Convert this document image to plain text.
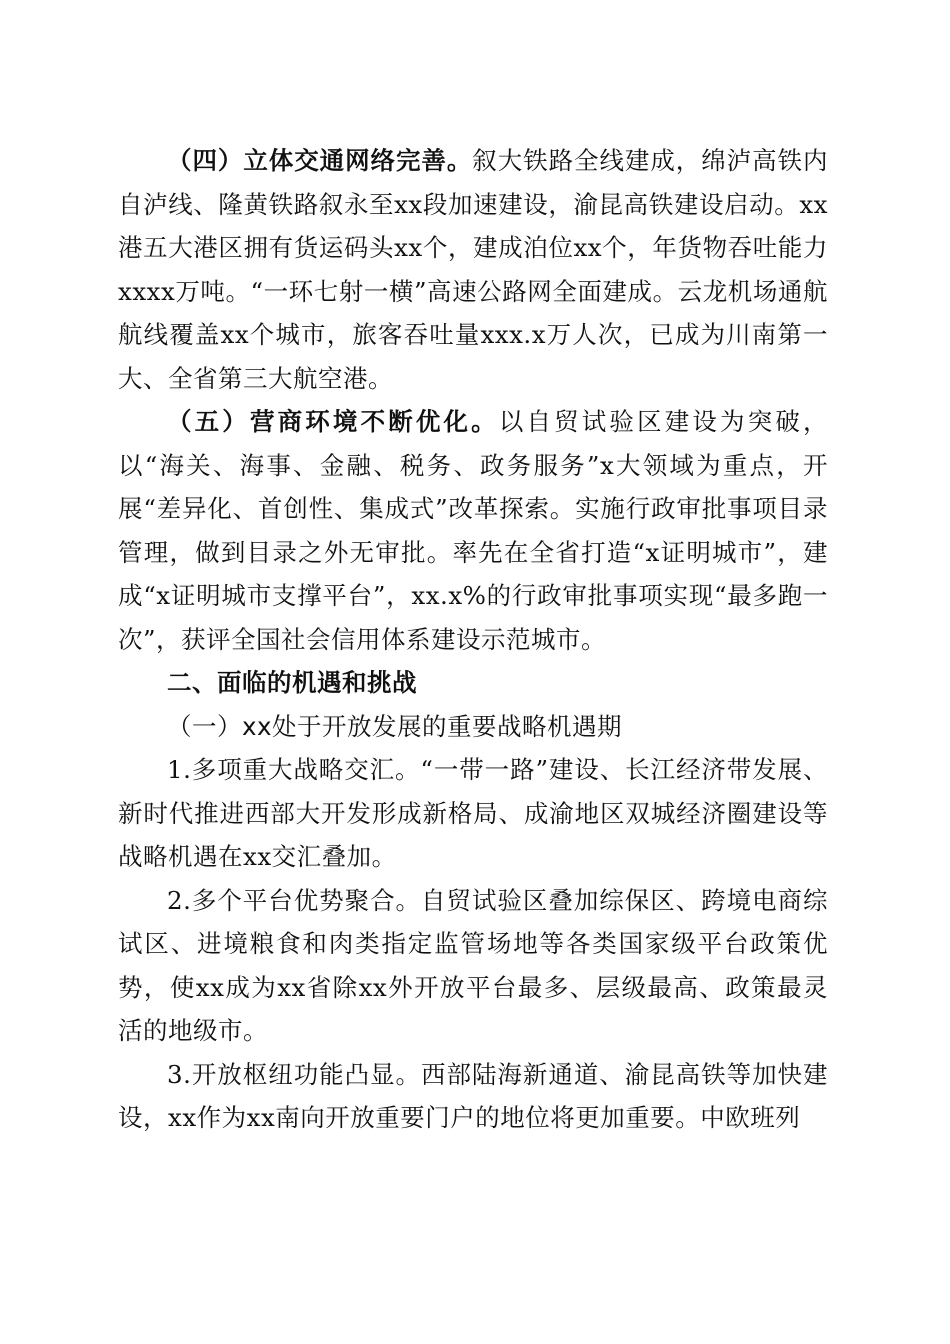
（四）立体交通网络完善。叙大铁路全线建成，绵泸高铁内自泸线、隆黄铁路叙永至xx段加速建设，渝昆高铁建设启动。xx港五大港区拥有货运码头xx个，建成泊位xx个，年货物吞吐能力xxxx万吨。“一环七射一横”高速公路网全面建成。云龙机场通航航线覆盖xx个城市，旅客吞吐量xxx.x万人次，已成为川南第一大、全省第三大航空港。

（五）营商环境不断优化。以自贸试验区建设为突破，以“海关、海事、金融、税务、政务服务”x大领域为重点，开展“差异化、首创性、集成式”改革探索。实施行政审批事项目录管理，做到目录之外无审批。率先在全省打造“x证明城市”，建成“x证明城市支撑平台”，xx.x%的行政审批事项实现“最多跑一次”，获评全国社会信用体系建设示范城市。

二、面临的机遇和挑战

（一）xx处于开放发展的重要战略机遇期

1.多项重大战略交汇。“一带一路”建设、长江经济带发展、新时代推进西部大开发形成新格局、成渝地区双城经济圈建设等战略机遇在xx交汇叠加。

2.多个平台优势聚合。自贸试验区叠加综保区、跨境电商综试区、进境粮食和肉类指定监管场地等各类国家级平台政策优势，使xx成为xx省除xx外开放平台最多、层级最高、政策最灵活的地级市。

3.开放枢纽功能凸显。西部陆海新通道、渝昆高铁等加快建设，xx作为xx南向开放重要门户的地位将更加重要。中欧班列
